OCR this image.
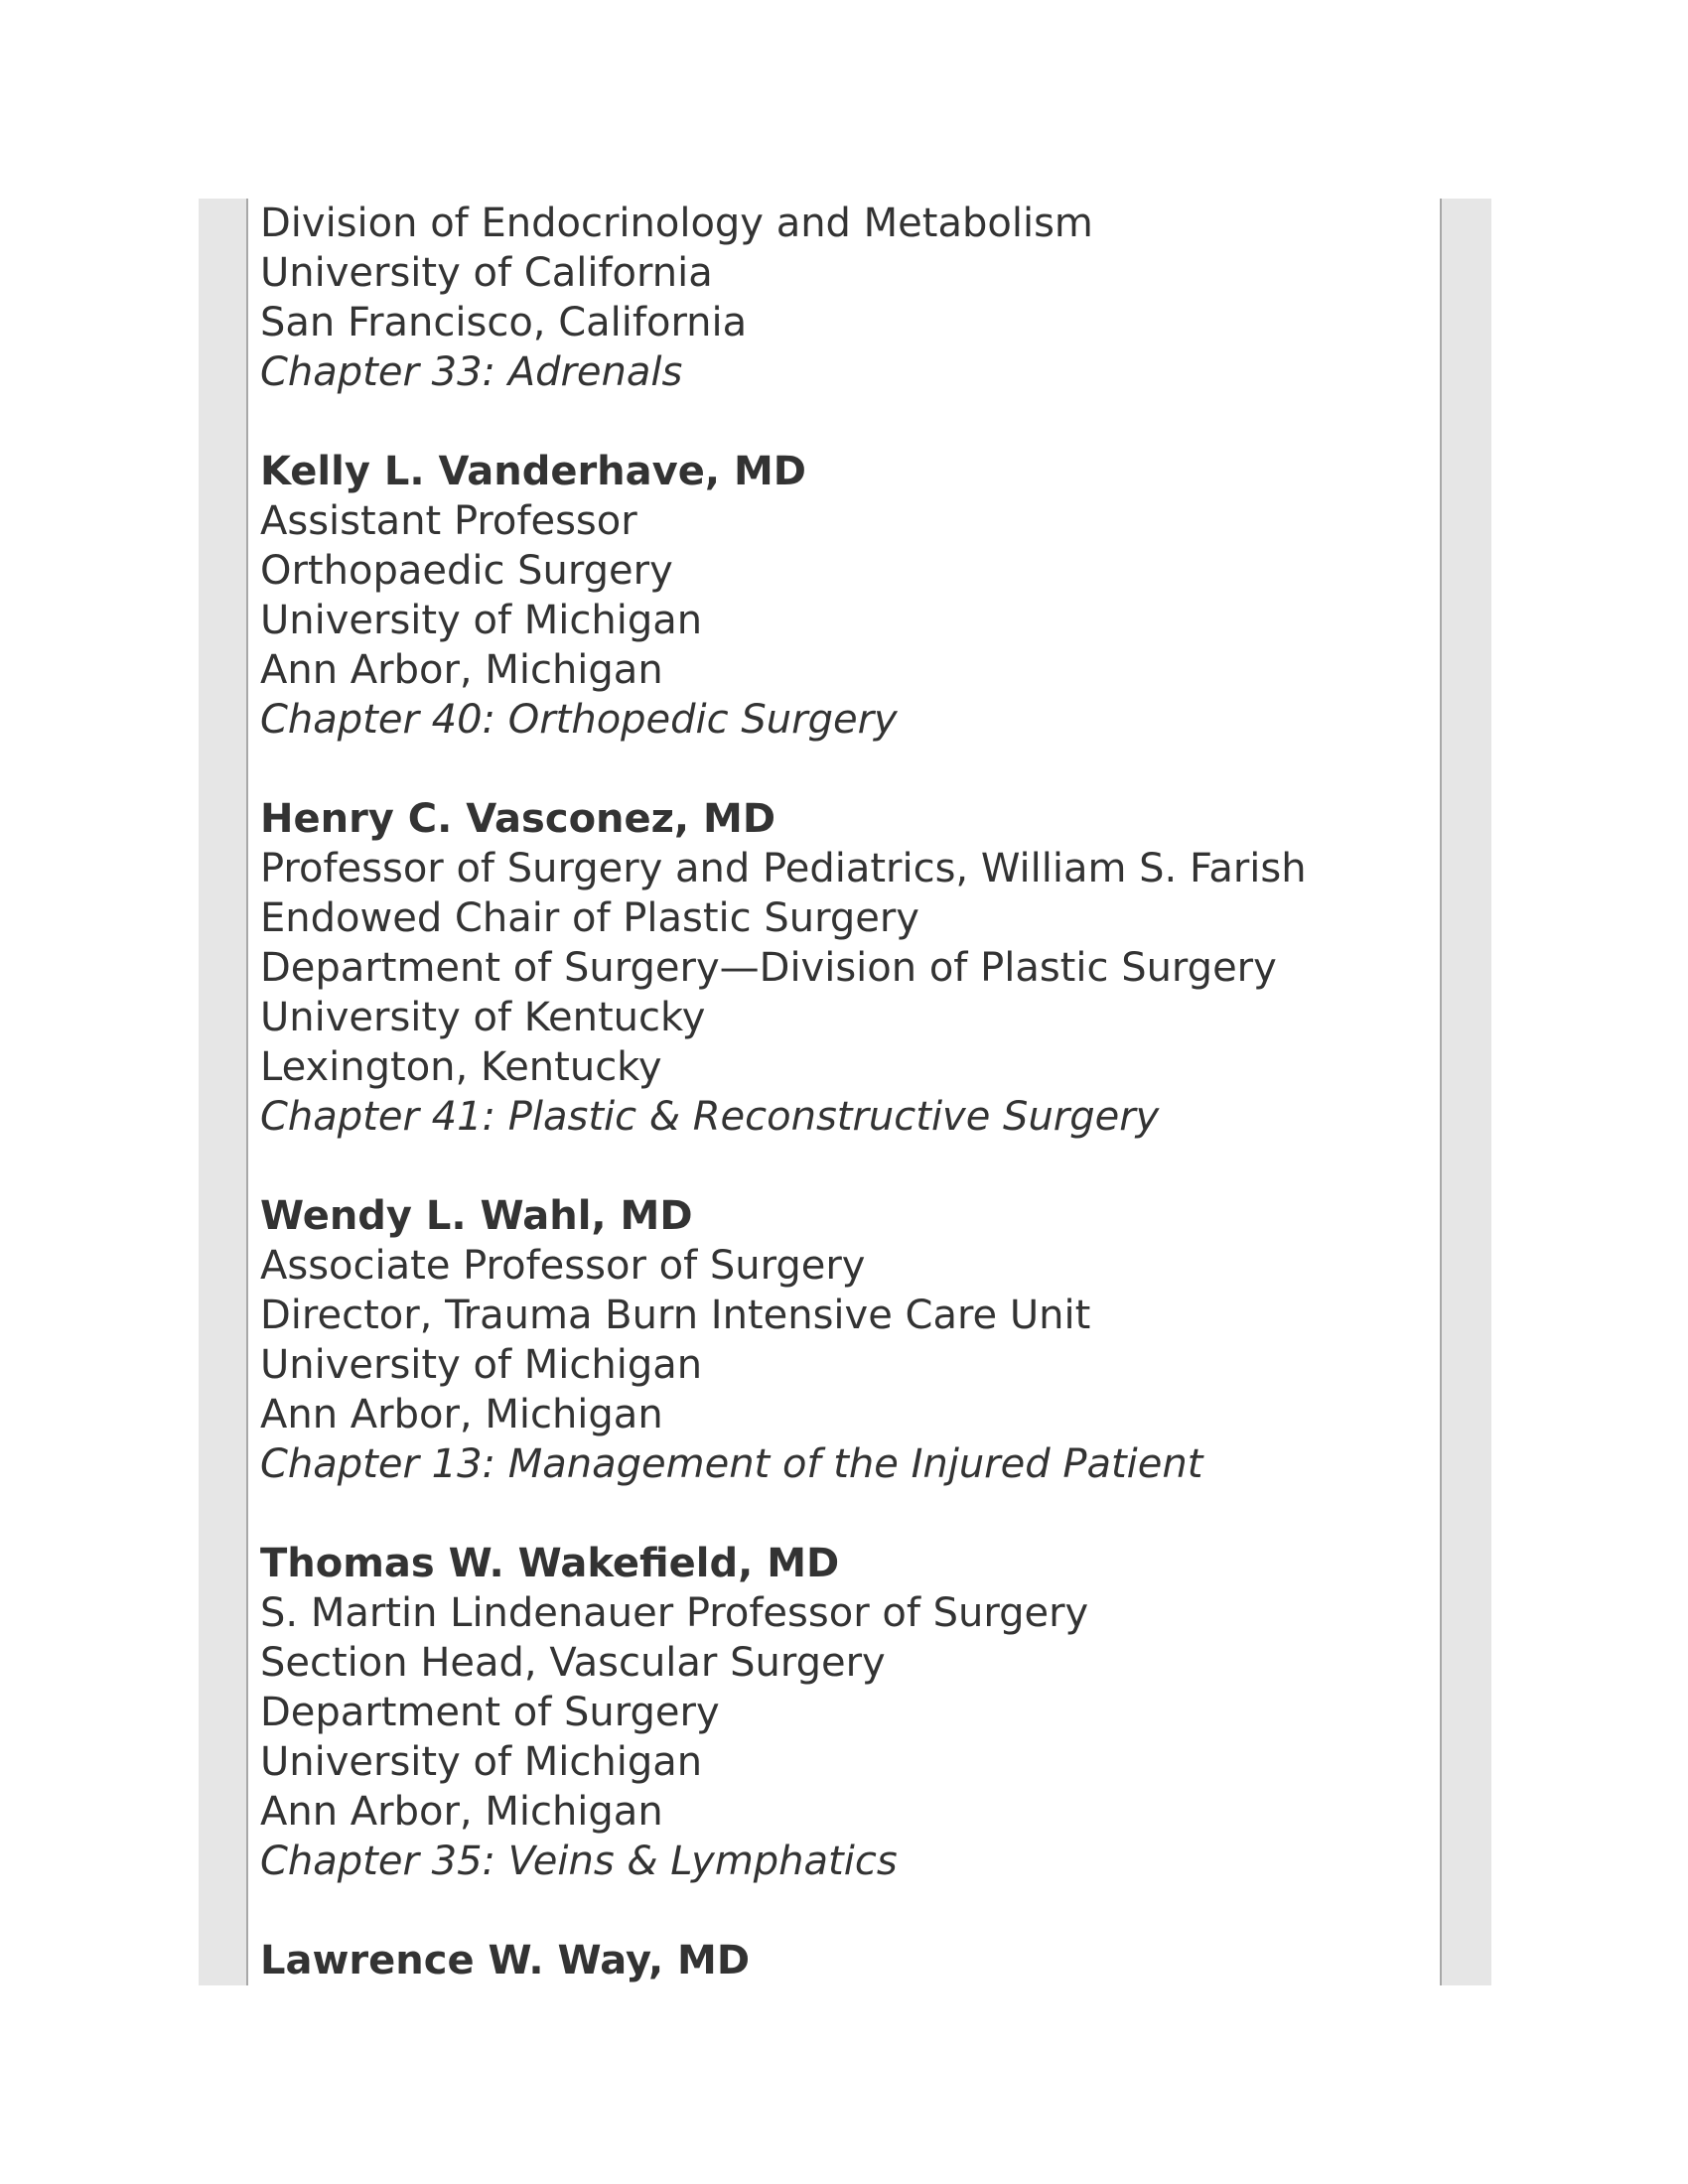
Division of Endocrinology and Metabolism
University of California
San Francisco, California
Chapter 33: Adrenals
Kelly L. Vanderhave, MD
Assistant Professor
Orthopaedic Surgery
University of Michigan
Ann Arbor, Michigan
Chapter 40: Orthopedic Surgery
Henry C. Vasconez, MD
Professor of Surgery and Pediatrics, William S. Farish
Endowed Chair of Plastic Surgery
Department of Surgery—Division of Plastic Surgery
University of Kentucky
Lexington, Kentucky
Chapter 41: Plastic & Reconstructive Surgery
Wendy L. Wahl, MD
Associate Professor of Surgery
Director, Trauma Burn Intensive Care Unit
University of Michigan
Ann Arbor, Michigan
Chapter 13: Management of the Injured Patient
Thomas W. Wakefield, MD
S. Martin Lindenauer Professor of Surgery
Section Head, Vascular Surgery
Department of Surgery
University of Michigan
Ann Arbor, Michigan
Chapter 35: Veins & Lymphatics
Lawrence W. Way, MD
